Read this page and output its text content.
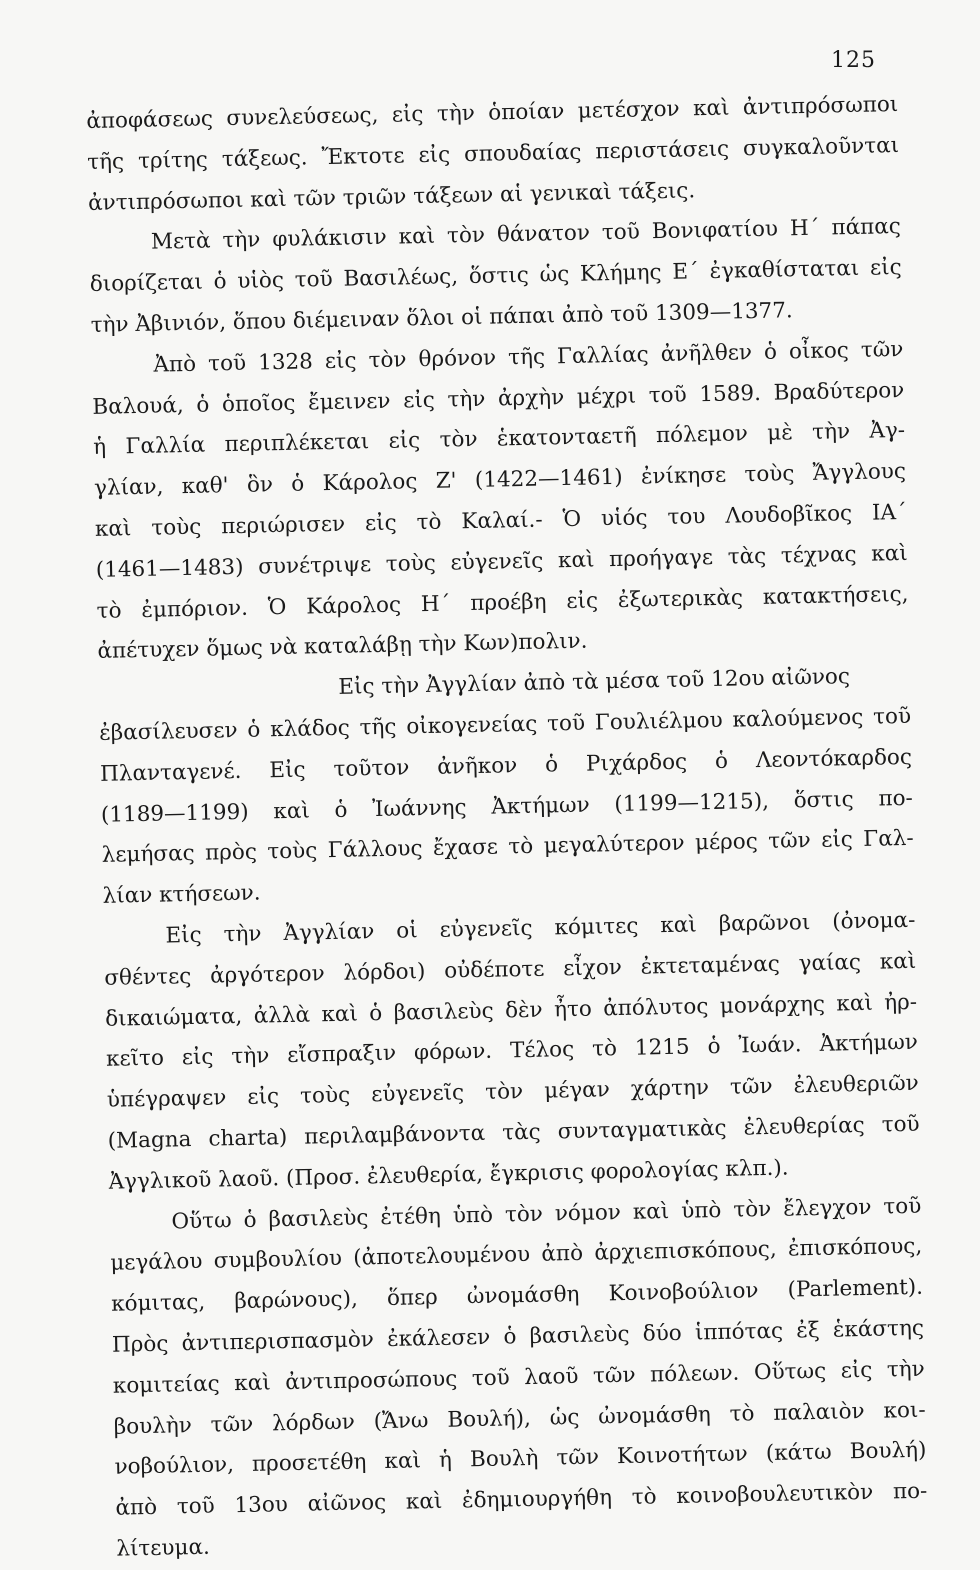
125
ἀποφάσεως συνελεύσεως, εἰς τὴν ὁποίαν μετέσχον καὶ ἀντιπρόσωποι
τῆς τρίτης τάξεως. Ἔκτοτε εἰς σπουδαίας περιστάσεις συγκαλοῦνται
ἀντιπρόσωποι καὶ τῶν τριῶν τάξεων αἱ γενικαὶ τάξεις.
Μετὰ τὴν φυλάκισιν καὶ τὸν θάνατον τοῦ Βονιφατίου Η΄ πάπας
διορίζεται ὁ υἱὸς τοῦ Βασιλέως, ὅστις ὡς Κλήμης Ε΄ ἐγκαθίσταται εἰς
τὴν Ἀβινιόν, ὅπου διέμειναν ὅλοι οἱ πάπαι ἀπὸ τοῦ 1309—1377.
Ἀπὸ τοῦ 1328 εἰς τὸν θρόνον τῆς Γαλλίας ἀνῆλθεν ὁ οἶκος τῶν
Βαλουά, ὁ ὁποῖος ἔμεινεν εἰς τὴν ἀρχὴν μέχρι τοῦ 1589. Βραδύτερον
ἡ Γαλλία περιπλέκεται εἰς τὸν ἑκατονταετῆ πόλεμον μὲ τὴν Ἀγ-
γλίαν, καθ' ὃν ὁ Κάρολος Ζ' (1422—1461) ἐνίκησε τοὺς Ἄγγλους
καὶ τοὺς περιώρισεν εἰς τὸ Καλαί.- Ὁ υἱός του Λουδοβῖκος ΙΑ΄
(1461—1483) συνέτριψε τοὺς εὐγενεῖς καὶ προήγαγε τὰς τέχνας καὶ
τὸ ἐμπόριον. Ὁ Κάρολος Η΄ προέβη εἰς ἐξωτερικὰς κατακτήσεις,
ἀπέτυχεν ὅμως νὰ καταλάβῃ τὴν Κων)πολιν.
Εἰς τὴν Ἀγγλίαν ἀπὸ τὰ μέσα τοῦ 12ου αἰῶνος
ἐβασίλευσεν ὁ κλάδος τῆς οἰκογενείας τοῦ Γουλιέλμου καλούμενος τοῦ
Πλανταγενέ. Εἰς τοῦτον ἀνῆκον ὁ Ριχάρδος ὁ Λεοντόκαρδος
(1189—1199) καὶ ὁ Ἰωάννης Ἀκτήμων (1199—1215), ὅστις πο-
λεμήσας πρὸς τοὺς Γάλλους ἔχασε τὸ μεγαλύτερον μέρος τῶν εἰς Γαλ-
λίαν κτήσεων.
Εἰς τὴν Ἀγγλίαν οἱ εὐγενεῖς κόμιτες καὶ βαρῶνοι (ὀνομα-
σθέντες ἀργότερον λόρδοι) οὐδέποτε εἶχον ἐκτεταμένας γαίας καὶ
δικαιώματα, ἀλλὰ καὶ ὁ βασιλεὺς δὲν ἦτο ἀπόλυτος μονάρχης καὶ ἠρ-
κεῖτο εἰς τὴν εἴσπραξιν φόρων. Τέλος τὸ 1215 ὁ Ἰωάν. Ἀκτήμων
ὑπέγραψεν εἰς τοὺς εὐγενεῖς τὸν μέγαν χάρτην τῶν ἐλευθεριῶν
(Magna charta) περιλαμβάνοντα τὰς συνταγματικὰς ἐλευθερίας τοῦ
Ἀγγλικοῦ λαοῦ. (Προσ. ἐλευθερία, ἔγκρισις φορολογίας κλπ.).
Οὕτω ὁ βασιλεὺς ἐτέθη ὑπὸ τὸν νόμον καὶ ὑπὸ τὸν ἔλεγχον τοῦ
μεγάλου συμβουλίου (ἀποτελουμένου ἀπὸ ἀρχιεπισκόπους, ἐπισκόπους,
κόμιτας, βαρώνους), ὅπερ ὠνομάσθη Κοινοβούλιον (Parlement).
Πρὸς ἀντιπερισπασμὸν ἐκάλεσεν ὁ βασιλεὺς δύο ἱππότας ἐξ ἑκάστης
κομιτείας καὶ ἀντιπροσώπους τοῦ λαοῦ τῶν πόλεων. Οὕτως εἰς τὴν
βουλὴν τῶν λόρδων (Ἄνω Βουλή), ὡς ὠνομάσθη τὸ παλαιὸν κοι-
νοβούλιον, προσετέθη καὶ ἡ Βουλὴ τῶν Κοινοτήτων (κάτω Βουλή)
ἀπὸ τοῦ 13ου αἰῶνος καὶ ἐδημιουργήθη τὸ κοινοβουλευτικὸν πο-
λίτευμα.
